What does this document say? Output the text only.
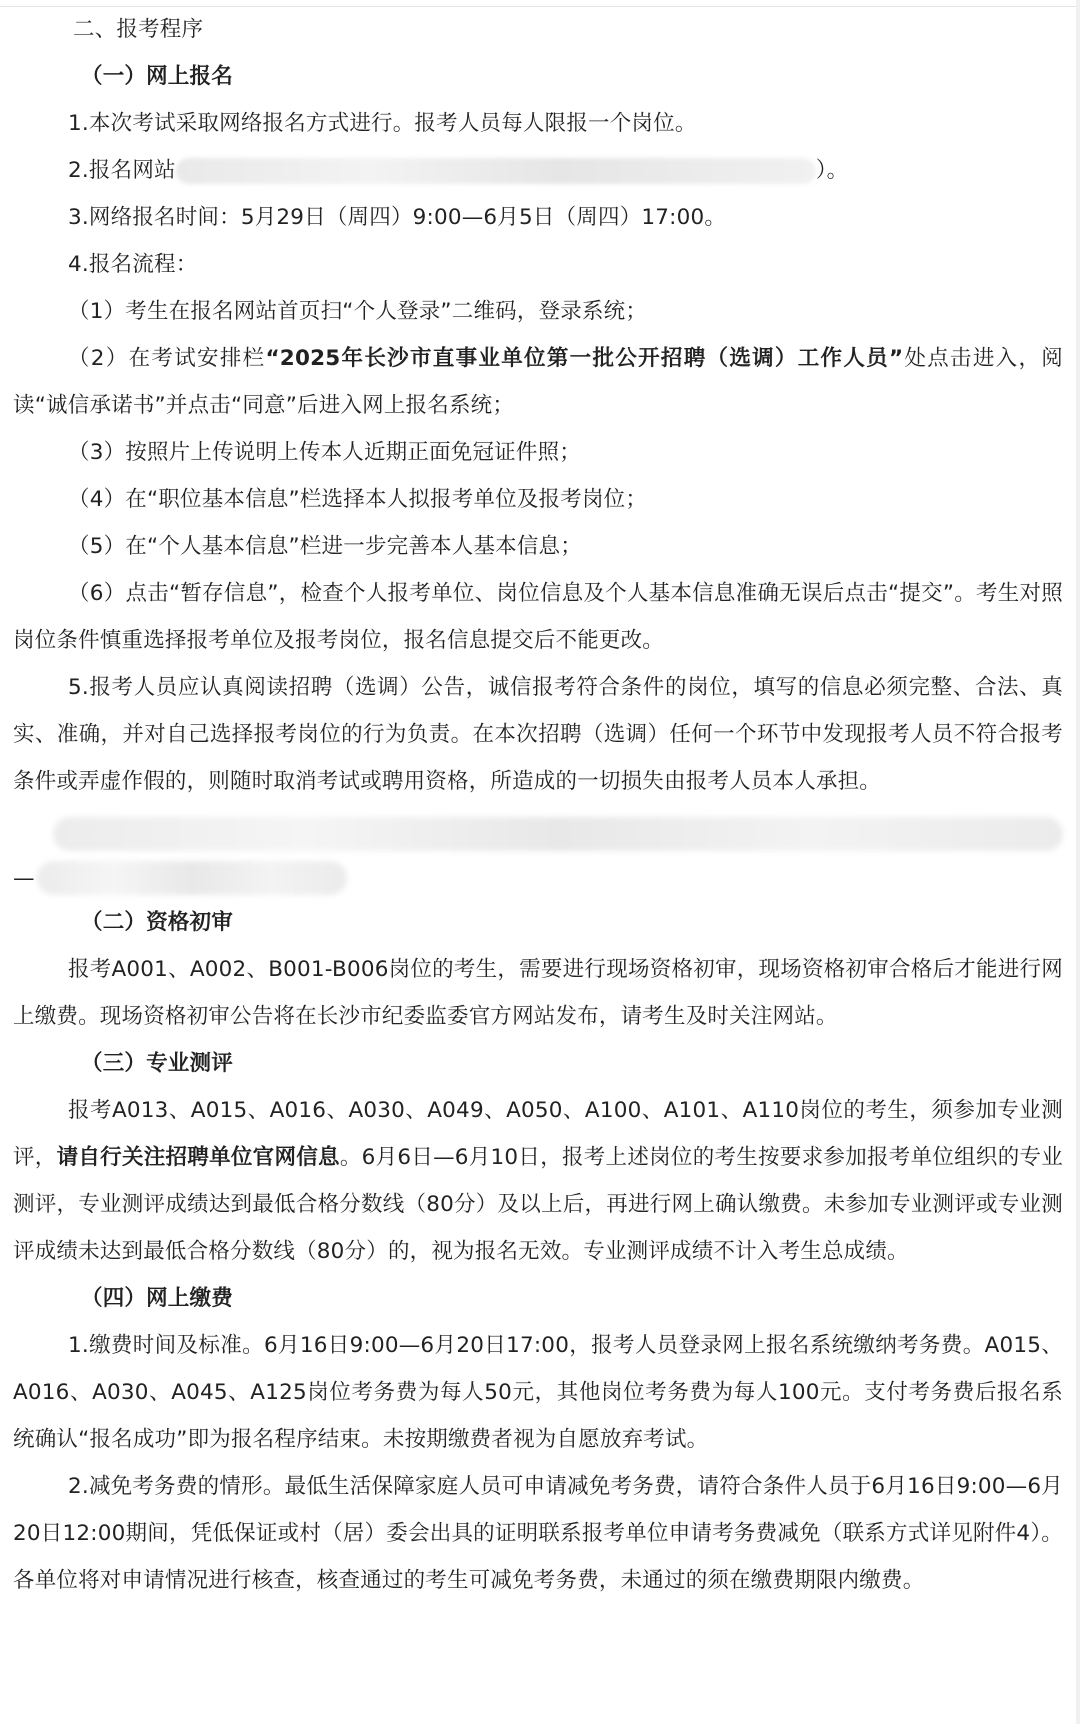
二、报考程序

（一）网上报名

1.本次考试采取网络报名方式进行。报考人员每人限报一个岗位。

2.报名网站	）。

3.网络报名时间：5月29日（周四）9:00—6月5日（周四）17:00。

4.报名流程：

（1）考生在报名网站首页扫“个人登录”二维码，登录系统；

（2）在考试安排栏“2025年长沙市直事业单位第一批公开招聘（选调）工作人员”处点击进入，阅读“诚信承诺书”并点击“同意”后进入网上报名系统；

（3）按照片上传说明上传本人近期正面免冠证件照；

（4）在“职位基本信息”栏选择本人拟报考单位及报考岗位；

（5）在“个人基本信息”栏进一步完善本人基本信息；

（6）点击“暂存信息”，检查个人报考单位、岗位信息及个人基本信息准确无误后点击“提交”。考生对照岗位条件慎重选择报考单位及报考岗位，报名信息提交后不能更改。

5.报考人员应认真阅读招聘（选调）公告，诚信报考符合条件的岗位，填写的信息必须完整、合法、真实、准确，并对自己选择报考岗位的行为负责。在本次招聘（选调）任何一个环节中发现报考人员不符合报考条件或弄虚作假的，则随时取消考试或聘用资格，所造成的一切损失由报考人员本人承担。

—

（二）资格初审

报考A001、A002、B001-B006岗位的考生，需要进行现场资格初审，现场资格初审合格后才能进行网上缴费。现场资格初审公告将在长沙市纪委监委官方网站发布，请考生及时关注网站。

（三）专业测评

报考A013、A015、A016、A030、A049、A050、A100、A101、A110岗位的考生，须参加专业测评，请自行关注招聘单位官网信息。6月6日—6月10日，报考上述岗位的考生按要求参加报考单位组织的专业测评，专业测评成绩达到最低合格分数线（80分）及以上后，再进行网上确认缴费。未参加专业测评或专业测评成绩未达到最低合格分数线（80分）的，视为报名无效。专业测评成绩不计入考生总成绩。

（四）网上缴费

1.缴费时间及标准。6月16日9:00—6月20日17:00，报考人员登录网上报名系统缴纳考务费。A015、A016、A030、A045、A125岗位考务费为每人50元，其他岗位考务费为每人100元。支付考务费后报名系统确认“报名成功”即为报名程序结束。未按期缴费者视为自愿放弃考试。

2.减免考务费的情形。最低生活保障家庭人员可申请减免考务费，请符合条件人员于6月16日9:00—6月20日12:00期间，凭低保证或村（居）委会出具的证明联系报考单位申请考务费减免（联系方式详见附件4）。各单位将对申请情况进行核查，核查通过的考生可减免考务费，未通过的须在缴费期限内缴费。
